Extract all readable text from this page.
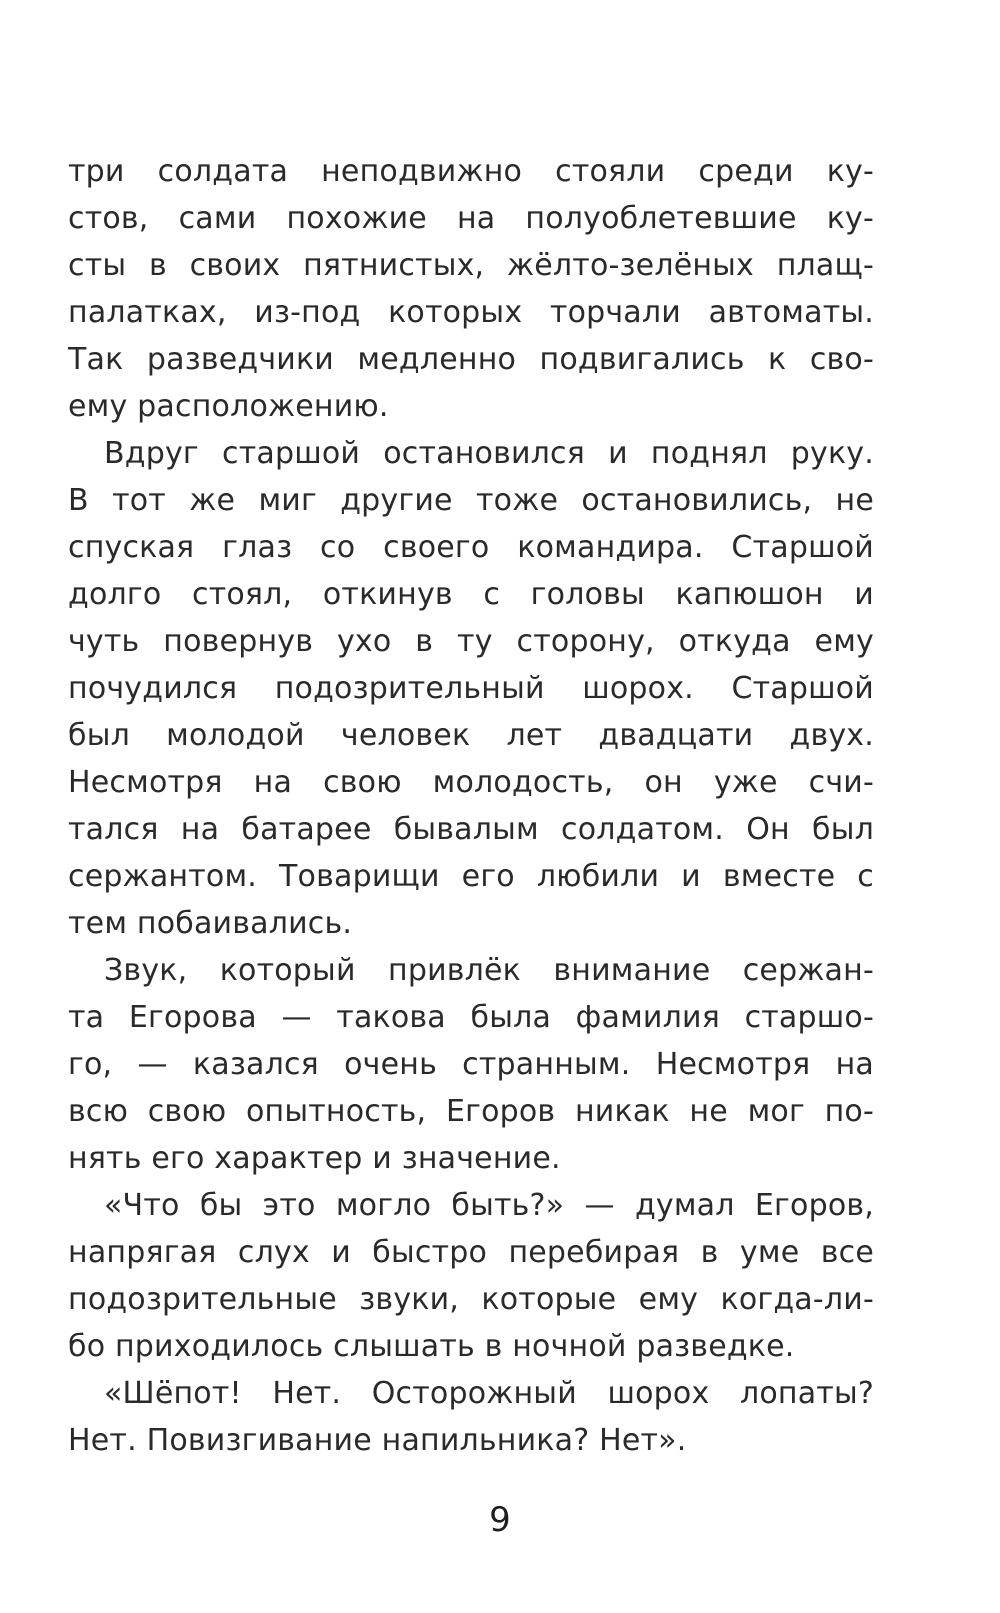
три солдата неподвижно стояли среди ку-
стов, сами похожие на полуоблетевшие ку-
сты в своих пятнистых, жёлто-зелёных плащ-
палатках, из-под которых торчали автоматы.
Так разведчики медленно подвигались к сво-
ему расположению.
Вдруг старшой остановился и поднял руку.
В тот же миг другие тоже остановились, не
спуская глаз со своего командира. Старшой
долго стоял, откинув с головы капюшон и
чуть повернув ухо в ту сторону, откуда ему
почудился подозрительный шорох. Старшой
был молодой человек лет двадцати двух.
Несмотря на свою молодость, он уже счи-
тался на батарее бывалым солдатом. Он был
сержантом. Товарищи его любили и вместе с
тем побаивались.
Звук, который привлёк внимание сержан-
та Егорова — такова была фамилия старшо-
го, — казался очень странным. Несмотря на
всю свою опытность, Егоров никак не мог по-
нять его характер и значение.
«Что бы это могло быть?» — думал Егоров,
напрягая слух и быстро перебирая в уме все
подозрительные звуки, которые ему когда-ли-
бо приходилось слышать в ночной разведке.
«Шёпот! Нет. Осторожный шорох лопаты?
Нет. Повизгивание напильника? Нет».
9
